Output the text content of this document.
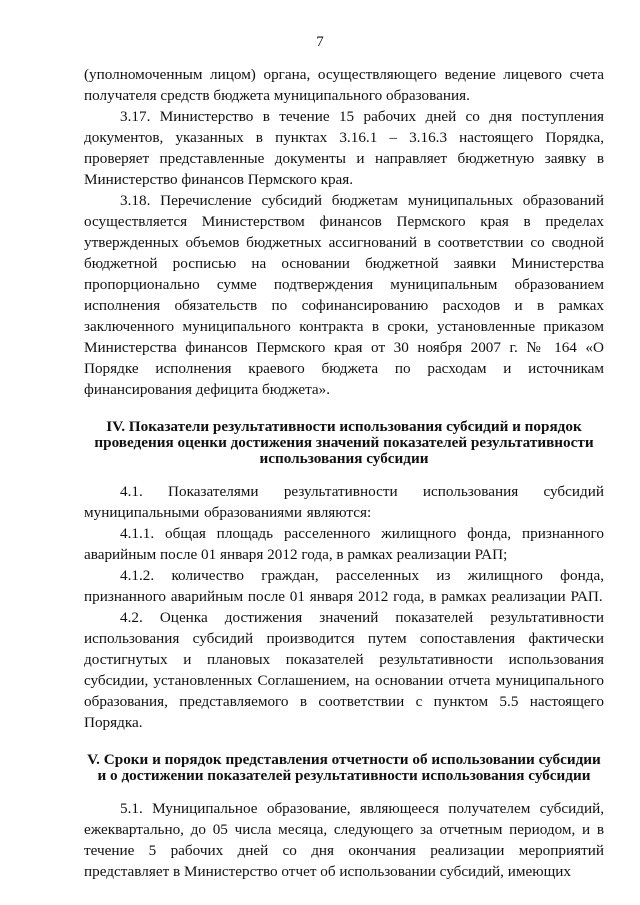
7

(уполномоченным лицом) органа, осуществляющего ведение лицевого счета получателя средств бюджета муниципального образования.

3.17. Министерство в течение 15 рабочих дней со дня поступления документов, указанных в пунктах 3.16.1 – 3.16.3 настоящего Порядка, проверяет представленные документы и направляет бюджетную заявку в Министерство финансов Пермского края.

3.18. Перечисление субсидий бюджетам муниципальных образований осуществляется Министерством финансов Пермского края в пределах утвержденных объемов бюджетных ассигнований в соответствии со сводной бюджетной росписью на основании бюджетной заявки Министерства пропорционально сумме подтверждения муниципальным образованием исполнения обязательств по софинансированию расходов и в рамках заключенного муниципального контракта в сроки, установленные приказом Министерства финансов Пермского края от 30 ноября 2007 г. № 164 «О Порядке исполнения краевого бюджета по расходам и источникам финансирования дефицита бюджета».

IV. Показатели результативности использования субсидий и порядок проведения оценки достижения значений показателей результативности использования субсидии

4.1. Показателями результативности использования субсидий муниципальными образованиями являются:

4.1.1. общая площадь расселенного жилищного фонда, признанного аварийным после 01 января 2012 года, в рамках реализации РАП;

4.1.2. количество граждан, расселенных из жилищного фонда, признанного аварийным после 01 января 2012 года, в рамках реализации РАП.

4.2. Оценка достижения значений показателей результативности использования субсидий производится путем сопоставления фактически достигнутых и плановых показателей результативности использования субсидии, установленных Соглашением, на основании отчета муниципального образования, представляемого в соответствии с пунктом 5.5 настоящего Порядка.

V. Сроки и порядок представления отчетности об использовании субсидии и о достижении показателей результативности использования субсидии

5.1. Муниципальное образование, являющееся получателем субсидий, ежеквартально, до 05 числа месяца, следующего за отчетным периодом, и в течение 5 рабочих дней со дня окончания реализации мероприятий представляет в Министерство отчет об использовании субсидий, имеющих
